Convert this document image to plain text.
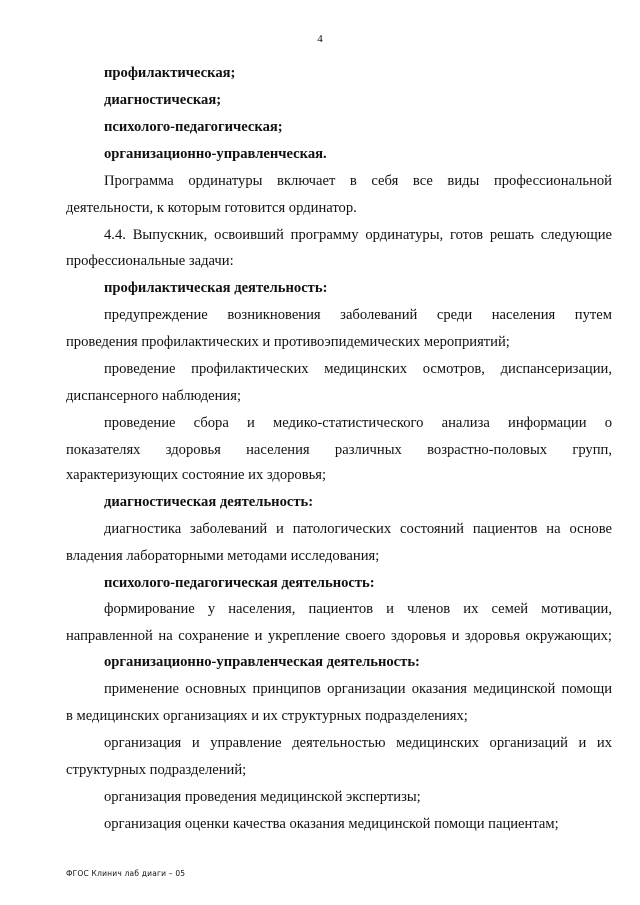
4
профилактическая;
диагностическая;
психолого-педагогическая;
организационно-управленческая.
Программа ординатуры включает в себя все виды профессиональной
деятельности, к которым готовится ординатор.
4.4. Выпускник, освоивший программу ординатуры, готов решать следующие
профессиональные задачи:
профилактическая деятельность:
предупреждение возникновения заболеваний среди населения путем
проведения профилактических и противоэпидемических мероприятий;
проведение профилактических медицинских осмотров, диспансеризации,
диспансерного наблюдения;
проведение сбора и медико-статистического анализа информации о
показателях здоровья населения различных возрастно-половых групп,
характеризующих состояние их здоровья;
диагностическая деятельность:
диагностика заболеваний и патологических состояний пациентов на основе
владения лабораторными методами исследования;
психолого-педагогическая деятельность:
формирование у населения, пациентов и членов их семей мотивации,
направленной на сохранение и укрепление своего здоровья и здоровья окружающих;
организационно-управленческая деятельность:
применение основных принципов организации оказания медицинской помощи
в медицинских организациях и их структурных подразделениях;
организация и управление деятельностью медицинских организаций и их
структурных подразделений;
организация проведения медицинской экспертизы;
организация оценки качества оказания медицинской помощи пациентам;
ФГОС Клинич лаб диаги – 05
